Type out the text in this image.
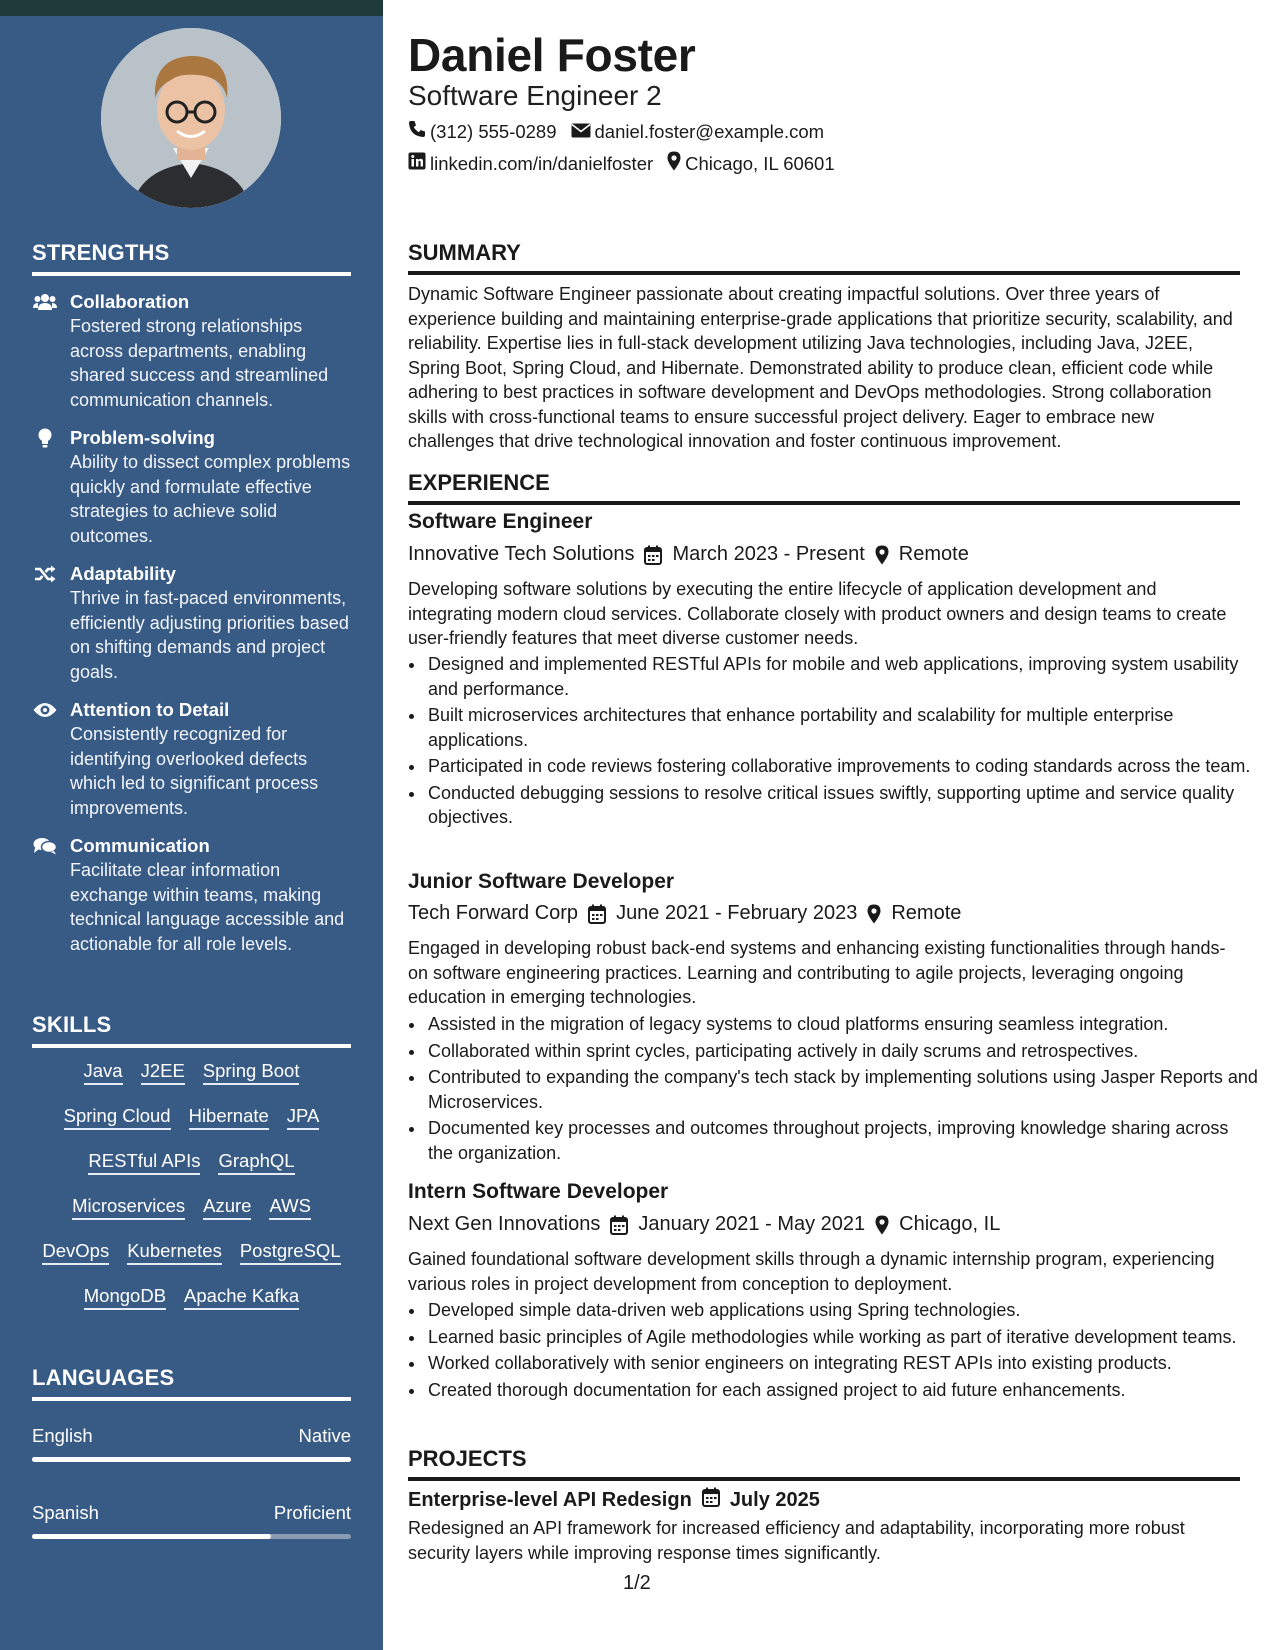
STRENGTHS
Collaboration
Fostered strong relationships across departments, enabling shared success and streamlined communication channels.
Problem-solving
Ability to dissect complex problems quickly and formulate effective strategies to achieve solid outcomes.
Adaptability
Thrive in fast-paced environments, efficiently adjusting priorities based on shifting demands and project goals.
Attention to Detail
Consistently recognized for identifying overlooked defects which led to significant process improvements.
Communication
Facilitate clear information exchange within teams, making technical language accessible and actionable for all role levels.
SKILLS
Java J2EE Spring Boot
Spring Cloud Hibernate JPA
RESTful APIs GraphQL
Microservices Azure AWS
DevOps Kubernetes PostgreSQL
MongoDB Apache Kafka
LANGUAGES
English	Native
Spanish	Proficient
Daniel Foster
Software Engineer 2
(312) 555-0289 daniel.foster@example.com
linkedin.com/in/danielfoster Chicago, IL 60601
SUMMARY

Dynamic Software Engineer passionate about creating impactful solutions. Over three years of experience building and maintaining enterprise-grade applications that prioritize security, scalability, and reliability. Expertise lies in full-stack development utilizing Java technologies, including Java, J2EE, Spring Boot, Spring Cloud, and Hibernate. Demonstrated ability to produce clean, efficient code while adhering to best practices in software development and DevOps methodologies. Strong collaboration skills with cross-functional teams to ensure successful project delivery. Eager to embrace new challenges that drive technological innovation and foster continuous improvement.

EXPERIENCE
Software Engineer
Innovative Tech Solutions March 2023 - Present Remote

Developing software solutions by executing the entire lifecycle of application development and integrating modern cloud services. Collaborate closely with product owners and design teams to create user-friendly features that meet diverse customer needs.

• Designed and implemented RESTful APIs for mobile and web applications, improving system usability and performance.
• Built microservices architectures that enhance portability and scalability for multiple enterprise applications.
• Participated in code reviews fostering collaborative improvements to coding standards across the team.
• Conducted debugging sessions to resolve critical issues swiftly, supporting uptime and service quality objectives.
Junior Software Developer
Tech Forward Corp June 2021 - February 2023 Remote

Engaged in developing robust back-end systems and enhancing existing functionalities through hands-on software engineering practices. Learning and contributing to agile projects, leveraging ongoing education in emerging technologies.

• Assisted in the migration of legacy systems to cloud platforms ensuring seamless integration.
• Collaborated within sprint cycles, participating actively in daily scrums and retrospectives.
• Contributed to expanding the company's tech stack by implementing solutions using Jasper Reports and Microservices.
• Documented key processes and outcomes throughout projects, improving knowledge sharing across the organization.
Intern Software Developer
Next Gen Innovations January 2021 - May 2021 Chicago, IL

Gained foundational software development skills through a dynamic internship program, experiencing various roles in project development from conception to deployment.

• Developed simple data-driven web applications using Spring technologies.
• Learned basic principles of Agile methodologies while working as part of iterative development teams.
• Worked collaboratively with senior engineers on integrating REST APIs into existing products.
• Created thorough documentation for each assigned project to aid future enhancements.
PROJECTS
Enterprise-level API Redesign July 2025

Redesigned an API framework for increased efficiency and adaptability, incorporating more robust security layers while improving response times significantly.

1/2
